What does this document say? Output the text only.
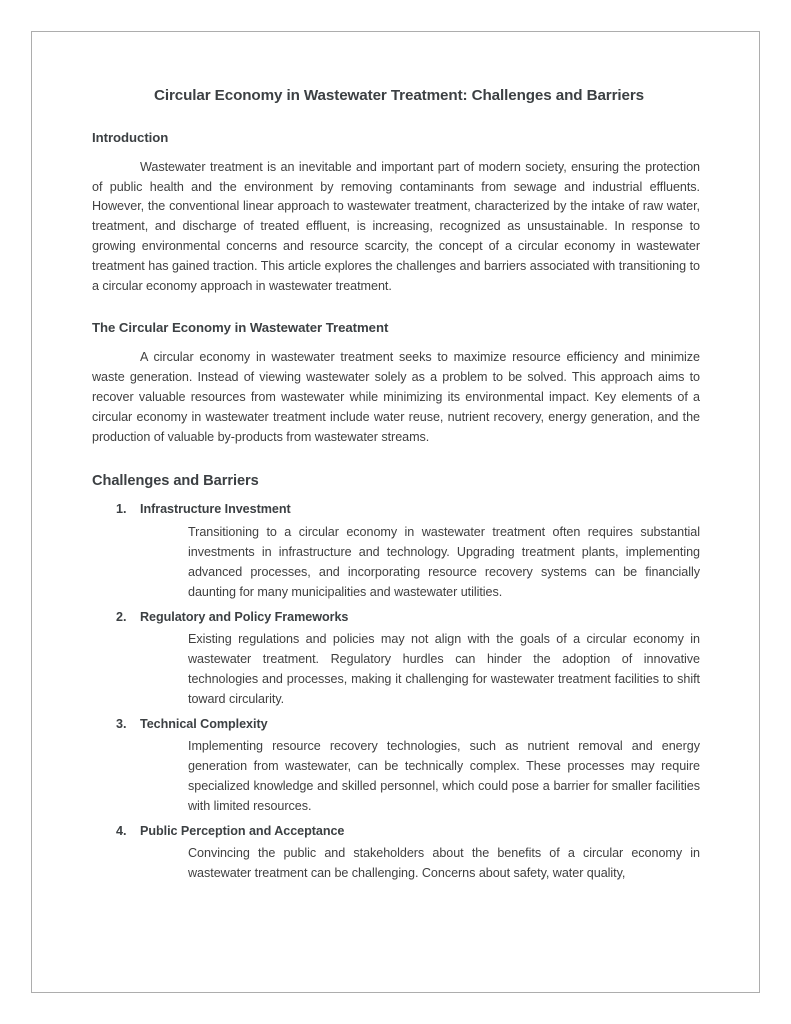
Circular Economy in Wastewater Treatment: Challenges and Barriers
Introduction

Wastewater treatment is an inevitable and important part of modern society, ensuring the protection of public health and the environment by removing contaminants from sewage and industrial effluents. However, the conventional linear approach to wastewater treatment, characterized by the intake of raw water, treatment, and discharge of treated effluent, is increasing, recognized as unsustainable. In response to growing environmental concerns and resource scarcity, the concept of a circular economy in wastewater treatment has gained traction. This article explores the challenges and barriers associated with transitioning to a circular economy approach in wastewater treatment.

The Circular Economy in Wastewater Treatment

A circular economy in wastewater treatment seeks to maximize resource efficiency and minimize waste generation. Instead of viewing wastewater solely as a problem to be solved. This approach aims to recover valuable resources from wastewater while minimizing its environmental impact. Key elements of a circular economy in wastewater treatment include water reuse, nutrient recovery, energy generation, and the production of valuable by-products from wastewater streams.

Challenges and Barriers
1. Infrastructure Investment
Transitioning to a circular economy in wastewater treatment often requires substantial investments in infrastructure and technology. Upgrading treatment plants, implementing advanced processes, and incorporating resource recovery systems can be financially daunting for many municipalities and wastewater utilities.
2. Regulatory and Policy Frameworks
Existing regulations and policies may not align with the goals of a circular economy in wastewater treatment. Regulatory hurdles can hinder the adoption of innovative technologies and processes, making it challenging for wastewater treatment facilities to shift toward circularity.
3. Technical Complexity
Implementing resource recovery technologies, such as nutrient removal and energy generation from wastewater, can be technically complex. These processes may require specialized knowledge and skilled personnel, which could pose a barrier for smaller facilities with limited resources.
4. Public Perception and Acceptance
Convincing the public and stakeholders about the benefits of a circular economy in wastewater treatment can be challenging. Concerns about safety, water quality,
